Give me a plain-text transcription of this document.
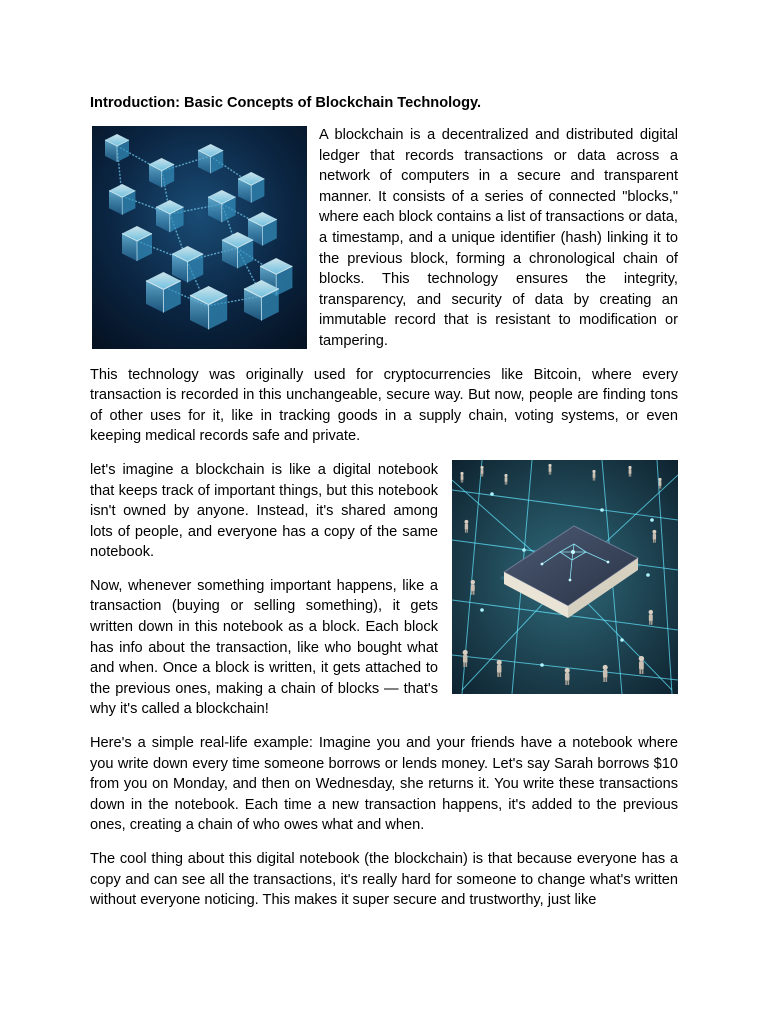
Introduction: Basic Concepts of Blockchain Technology.

A blockchain is a decentralized and distributed digital ledger that records transactions or data across a network of computers in a secure and transparent manner. It consists of a series of connected "blocks," where each block contains a list of transactions or data, a timestamp, and a unique identifier (hash) linking it to the previous block, forming a chronological chain of blocks. This technology ensures the integrity, transparency, and security of data by creating an immutable record that is resistant to modification or tampering.

This technology was originally used for cryptocurrencies like Bitcoin, where every transaction is recorded in this unchangeable, secure way. But now, people are finding tons of other uses for it, like in tracking goods in a supply chain, voting systems, or even keeping medical records safe and private.

let's imagine a blockchain is like a digital notebook that keeps track of important things, but this notebook isn't owned by anyone. Instead, it's shared among lots of people, and everyone has a copy of the same notebook.

Now, whenever something important happens, like a transaction (buying or selling something), it gets written down in this notebook as a block. Each block has info about the transaction, like who bought what and when. Once a block is written, it gets attached to the previous ones, making a chain of blocks — that's why it's called a blockchain!

Here's a simple real-life example: Imagine you and your friends have a notebook where you write down every time someone borrows or lends money. Let's say Sarah borrows $10 from you on Monday, and then on Wednesday, she returns it. You write these transactions down in the notebook. Each time a new transaction happens, it's added to the previous ones, creating a chain of who owes what and when.

The cool thing about this digital notebook (the blockchain) is that because everyone has a copy and can see all the transactions, it's really hard for someone to change what's written without everyone noticing. This makes it super secure and trustworthy, just like
